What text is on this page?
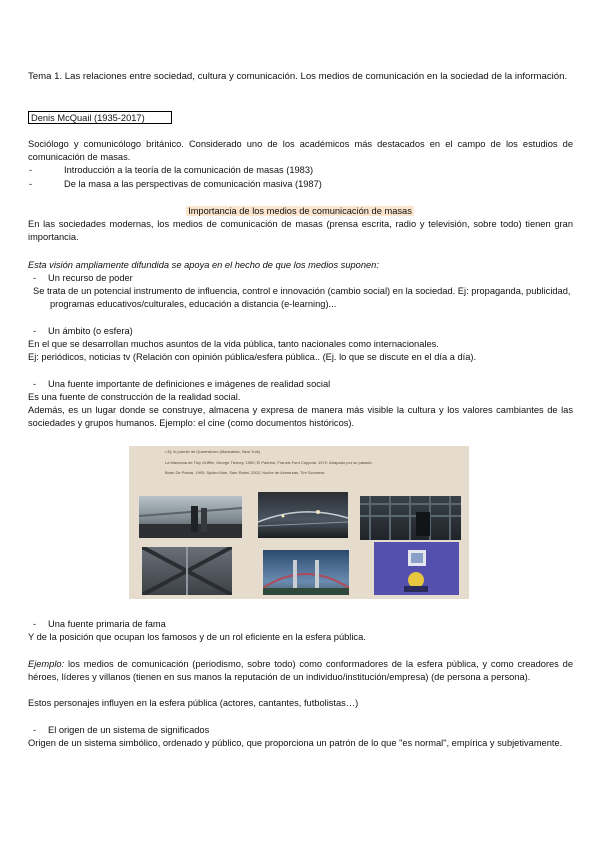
Tema 1. Las relaciones entre sociedad, cultura y comunicación. Los medios de comunicación en la sociedad de la información.

Denis McQuail (1935-2017)

Sociólogo y comunicólogo británico. Considerado uno de los académicos más destacados en el campo de los estudios de comunicación de masas.

-	Introducción a la teoría de la comunicación de masas (1983)
-	De la masa a las perspectivas de comunicación masiva (1987)
Importancia de los medios de comunicación de masas

En las sociedades modernas, los medios de comunicación de masas (prensa escrita, radio y televisión, sobre todo) tienen gran importancia.

Esta visión ampliamente difundida se apoya en el hecho de que los medios suponen:

- Un recurso de poder

Se trata de un potencial instrumento de influencia, control e innovación (cambio social) en la sociedad. Ej: propaganda, publicidad, programas educativos/culturales, educación a distancia (e-learning)...

- Un ámbito (o esfera)

En el que se desarrollan muchos asuntos de la vida pública, tanto nacionales como internacionales.

Ej: periódicos, noticias tv (Relación con opinión pública/esfera pública.. (Ej. lo que se discute en el día a día).

- Una fuente importante de definiciones e imágenes de realidad social

Es una fuente de construcción de la realidad social.

Además, es un lugar donde se construye, almacena y expresa de manera más visible la cultura y los valores cambiantes de las sociedades y grupos humanos. Ejemplo: el cine (como documentos históricos).

• Ej: el puente de Queensboro (Manhattan, New York)
La Manzana de Tiny Griffith, George Tierney, 1950; El Padrino, Francis Ford Coppola, 1972; Atrapado por su pasado,
Brian De Palma, 1993; Spider-Man, Sam Raimi, 2002, Noche de Aventuras, Tim Scorsese
- Una fuente primaria de fama

Y de la posición que ocupan los famosos y de un rol eficiente en la esfera pública.

Ejemplo: los medios de comunicación (periodismo, sobre todo) como conformadores de la esfera pública, y como creadores de héroes, líderes y villanos (tienen en sus manos la reputación de un individuo/institución/empresa) (de persona a persona).

Estos personajes influyen en la esfera pública (actores, cantantes, futbolistas…)

- El origen de un sistema de significados

Origen de un sistema simbólico, ordenado y público, que proporciona un patrón de lo que "es normal", empírica y subjetivamente.
